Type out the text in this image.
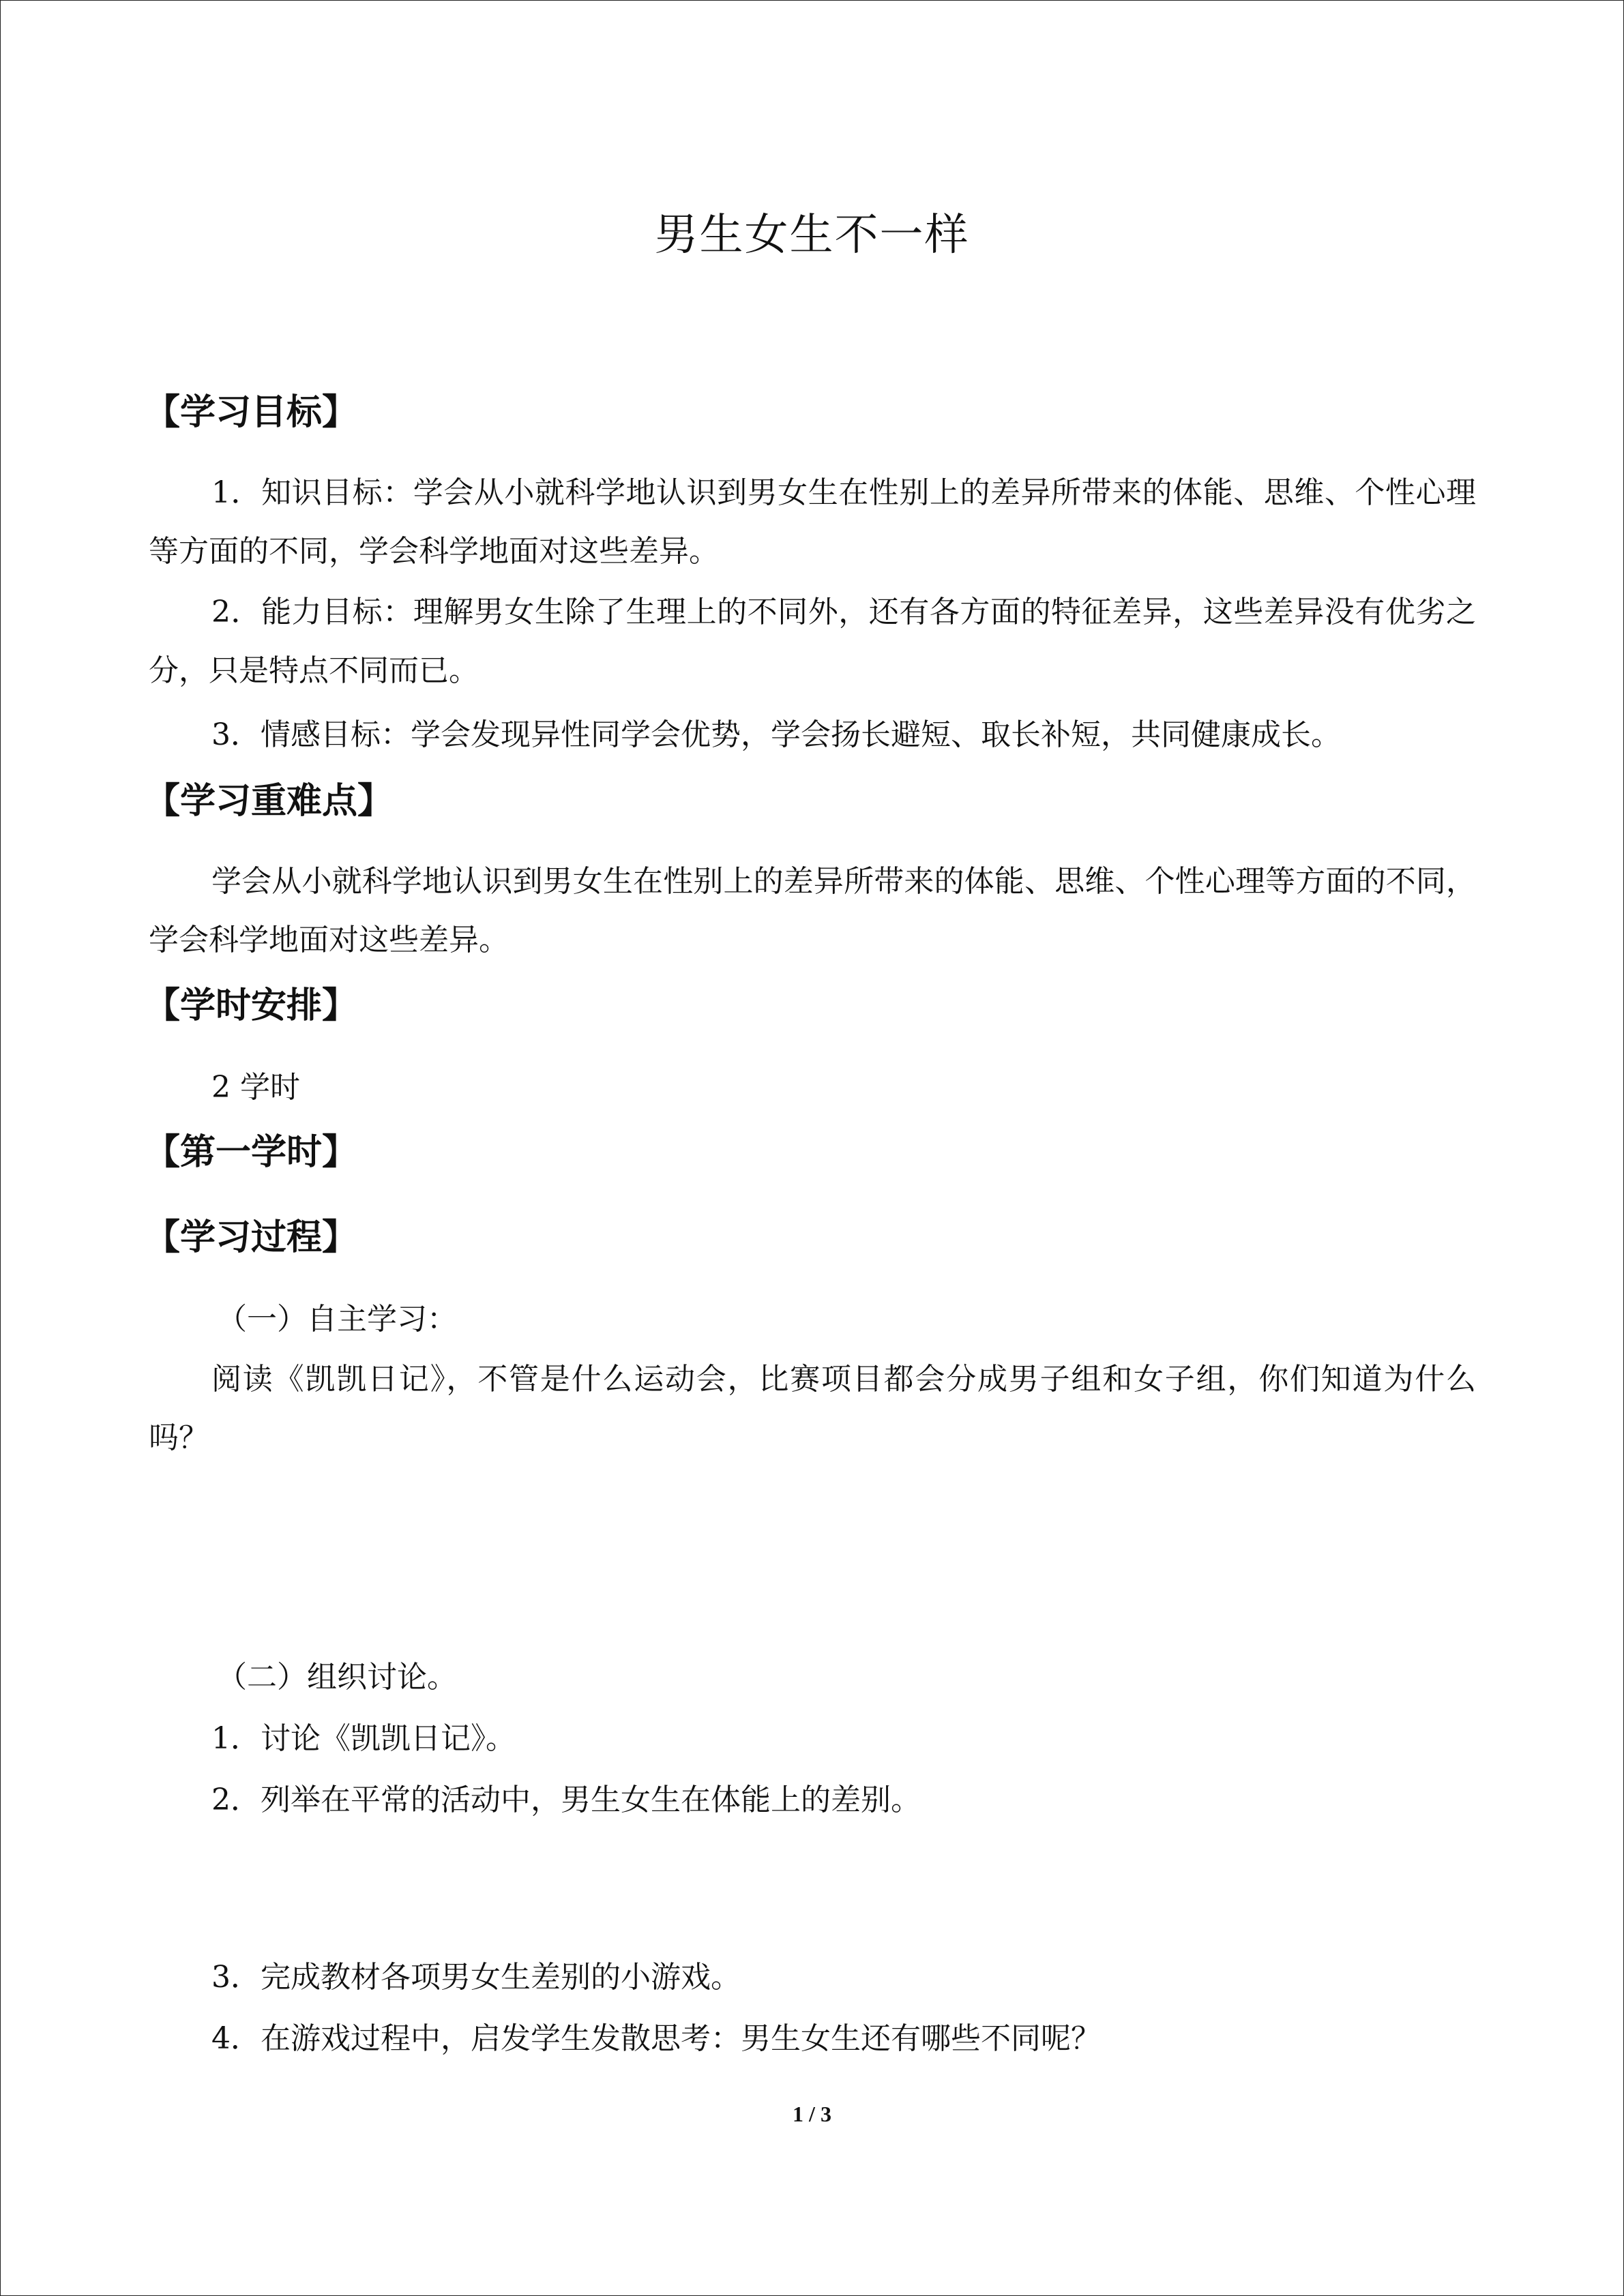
男生女生不一样
【学习目标】

1．知识目标：学会从小就科学地认识到男女生在性别上的差异所带来的体能、思维、个性心理等方面的不同，学会科学地面对这些差异。

2．能力目标：理解男女生除了生理上的不同外，还有各方面的特征差异，这些差异没有优劣之分，只是特点不同而已。

3．情感目标：学会发现异性同学会优势，学会扬长避短、取长补短，共同健康成长。

【学习重难点】

学会从小就科学地认识到男女生在性别上的差异所带来的体能、思维、个性心理等方面的不同，学会科学地面对这些差异。

【学时安排】
2 学时
【第一学时】
【学习过程】
（一）自主学习：

阅读《凯凯日记》，不管是什么运动会，比赛项目都会分成男子组和女子组，你们知道为什么吗？

（二）组织讨论。
1．讨论《凯凯日记》。
2．列举在平常的活动中，男生女生在体能上的差别。
3．完成教材各项男女生差别的小游戏。
4．在游戏过程中，启发学生发散思考：男生女生还有哪些不同呢？
1 / 3
